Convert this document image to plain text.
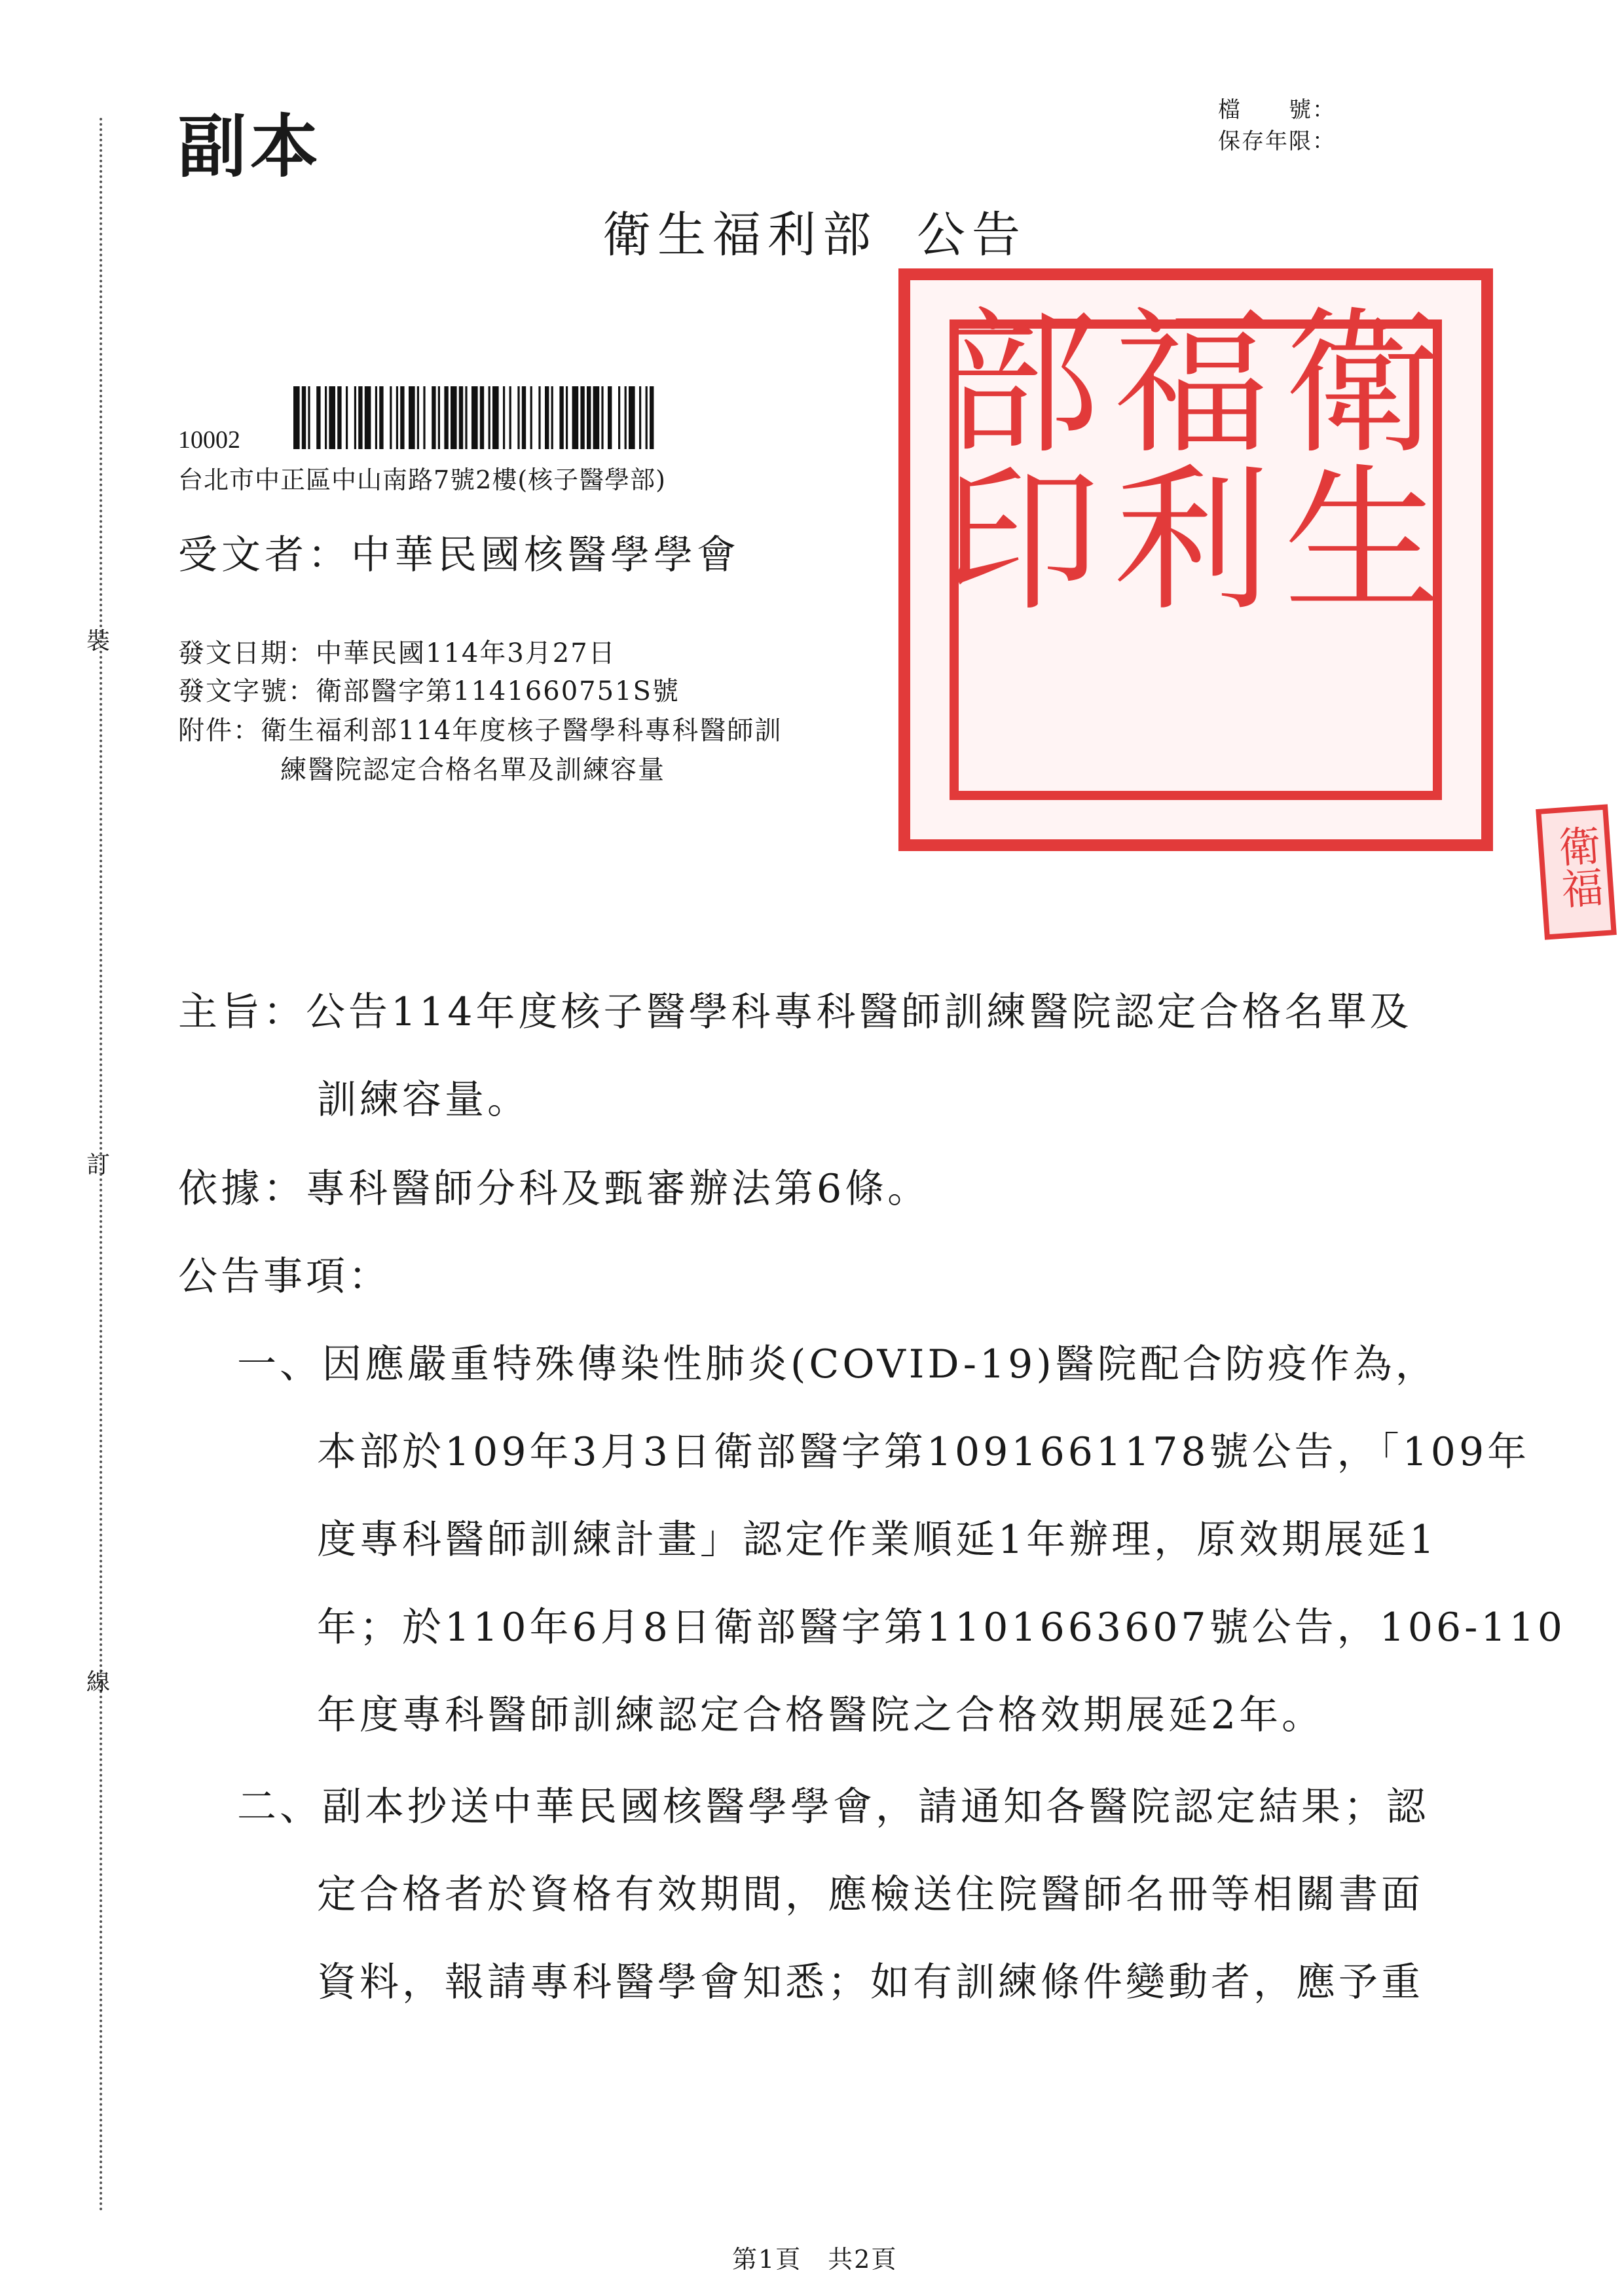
裝
訂
線
副本	檔　　號：
保存年限：
衛生福利部 公告
10002
台北市中正區中山南路7號2樓(核子醫學部)
受文者：中華民國核醫學學會
發文日期：中華民國114年3月27日
發文字號：衛部醫字第1141660751S號
附件：衛生福利部114年度核子醫學科專科醫師訓
練醫院認定合格名單及訓練容量
衛生
福利
部印
衛福
主旨：公告114年度核子醫學科專科醫師訓練醫院認定合格名單及
訓練容量。
依據：專科醫師分科及甄審辦法第6條。
公告事項：
一、因應嚴重特殊傳染性肺炎(COVID-19)醫院配合防疫作為，
本部於109年3月3日衛部醫字第1091661178號公告，「109年
度專科醫師訓練計畫」認定作業順延1年辦理，原效期展延1
年；於110年6月8日衛部醫字第1101663607號公告，106-110
年度專科醫師訓練認定合格醫院之合格效期展延2年。
二、副本抄送中華民國核醫學學會，請通知各醫院認定結果；認
定合格者於資格有效期間，應檢送住院醫師名冊等相關書面
資料，報請專科醫學會知悉；如有訓練條件變動者，應予重
第1頁　共2頁
